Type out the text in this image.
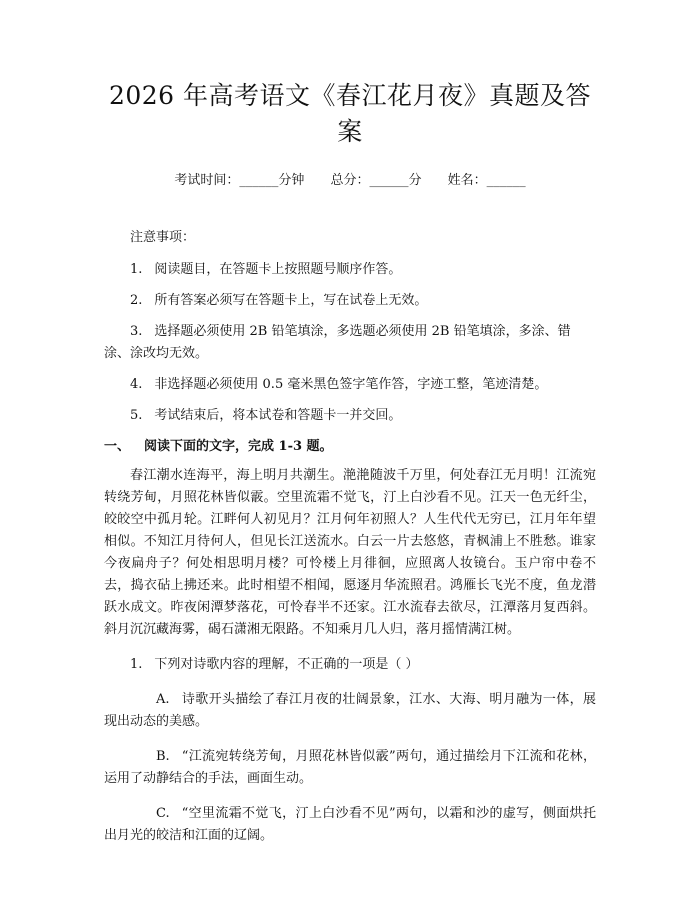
2026 年高考语文《春江花月夜》真题及答案
考试时间：______分钟 总分：______分 姓名：______

注意事项：

1. 阅读题目，在答题卡上按照题号顺序作答。

2. 所有答案必须写在答题卡上，写在试卷上无效。

3. 选择题必须使用 2B 铅笔填涂，多选题必须使用 2B 铅笔填涂，多涂、错涂、涂改均无效。

4. 非选择题必须使用 0.5 毫米黑色签字笔作答，字迹工整，笔迹清楚。

5. 考试结束后，将本试卷和答题卡一并交回。

一、 阅读下面的文字，完成 1-3 题。

春江潮水连海平，海上明月共潮生。滟滟随波千万里，何处春江无月明！江流宛转绕芳甸，月照花林皆似霰。空里流霜不觉飞，汀上白沙看不见。江天一色无纤尘，皎皎空中孤月轮。江畔何人初见月？江月何年初照人？人生代代无穷已，江月年年望相似。不知江月待何人，但见长江送流水。白云一片去悠悠，青枫浦上不胜愁。谁家今夜扁舟子？何处相思明月楼？可怜楼上月徘徊，应照离人妆镜台。玉户帘中卷不去，捣衣砧上拂还来。此时相望不相闻，愿逐月华流照君。鸿雁长飞光不度，鱼龙潜跃水成文。昨夜闲潭梦落花，可怜春半不还家。江水流春去欲尽，江潭落月复西斜。斜月沉沉藏海雾，碣石潇湘无限路。不知乘月几人归，落月摇情满江树。

1. 下列对诗歌内容的理解，不正确的一项是（ ）

A. 诗歌开头描绘了春江月夜的壮阔景象，江水、大海、明月融为一体，展现出动态的美感。

B. “江流宛转绕芳甸，月照花林皆似霰”两句，通过描绘月下江流和花林，运用了动静结合的手法，画面生动。

C. “空里流霜不觉飞，汀上白沙看不见”两句，以霜和沙的虚写，侧面烘托出月光的皎洁和江面的辽阔。
